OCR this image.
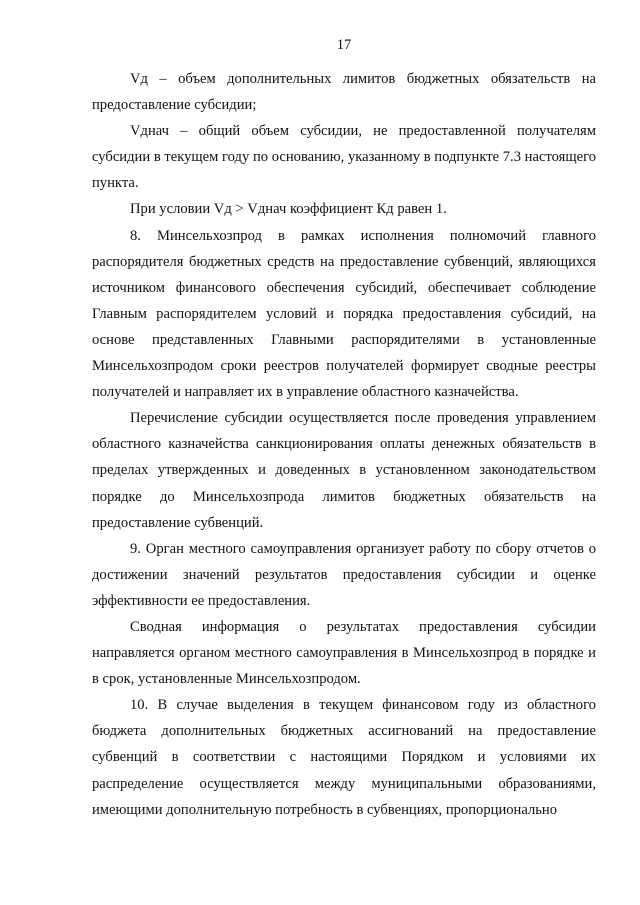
17

Vд – объем дополнительных лимитов бюджетных обязательств на предоставление субсидии;

Vднач – общий объем субсидии, не предоставленной получателям субсидии в текущем году по основанию, указанному в подпункте 7.3 настоящего пункта.

При условии Vд > Vднач коэффициент Кд равен 1.

8. Минсельхозпрод в рамках исполнения полномочий главного распорядителя бюджетных средств на предоставление субвенций, являющихся источником финансового обеспечения субсидий, обеспечивает соблюдение Главным распорядителем условий и порядка предоставления субсидий, на основе представленных Главными распорядителями в установленные Минсельхозпродом сроки реестров получателей формирует сводные реестры получателей и направляет их в управление областного казначейства.

Перечисление субсидии осуществляется после проведения управлением областного казначейства санкционирования оплаты денежных обязательств в пределах утвержденных и доведенных в установленном законодательством порядке до Минсельхозпрода лимитов бюджетных обязательств на предоставление субвенций.

9. Орган местного самоуправления организует работу по сбору отчетов о достижении значений результатов предоставления субсидии и оценке эффективности ее предоставления.

Сводная информация о результатах предоставления субсидии направляется органом местного самоуправления в Минсельхозпрод в порядке и в срок, установленные Минсельхозпродом.

10. В случае выделения в текущем финансовом году из областного бюджета дополнительных бюджетных ассигнований на предоставление субвенций в соответствии с настоящими Порядком и условиями их распределение осуществляется между муниципальными образованиями, имеющими дополнительную потребность в субвенциях, пропорционально
